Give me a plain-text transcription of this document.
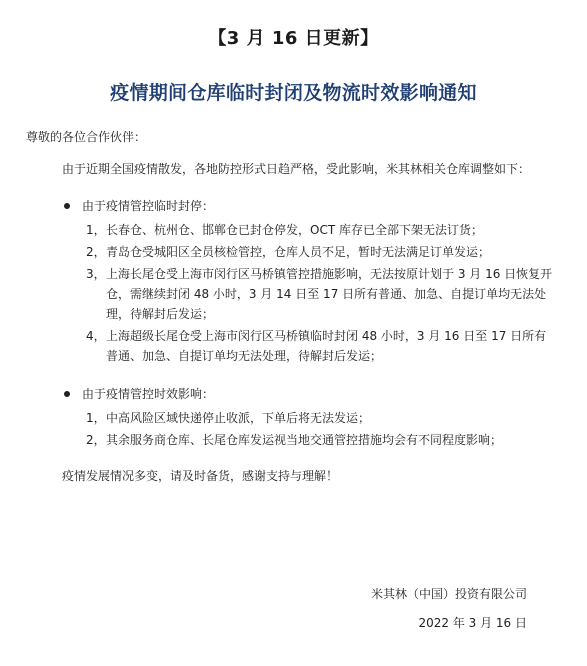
【3 月 16 日更新】
疫情期间仓库临时封闭及物流时效影响通知
尊敬的各位合作伙伴：
由于近期全国疫情散发，各地防控形式日趋严格，受此影响，米其林相关仓库调整如下：
由于疫情管控临时封停：
1， 长春仓、杭州仓、邯郸仓已封仓停发，OCT 库存已全部下架无法订货；
2， 青岛仓受城阳区全员核检管控，仓库人员不足，暂时无法满足订单发运；
3， 上海长尾仓受上海市闵行区马桥镇管控措施影响，无法按原计划于 3 月 16 日恢复开仓，需继续封闭 48 小时，3 月 14 日至 17 日所有普通、加急、自提订单均无法处理，待解封后发运；
4， 上海超级长尾仓受上海市闵行区马桥镇临时封闭 48 小时，3 月 16 日至 17 日所有普通、加急、自提订单均无法处理，待解封后发运；
由于疫情管控时效影响：
1， 中高风险区域快递停止收派，下单后将无法发运；
2， 其余服务商仓库、长尾仓库发运视当地交通管控措施均会有不同程度影响；
疫情发展情况多变，请及时备货，感谢支持与理解！
米其林（中国）投资有限公司
2022 年 3 月 16 日
